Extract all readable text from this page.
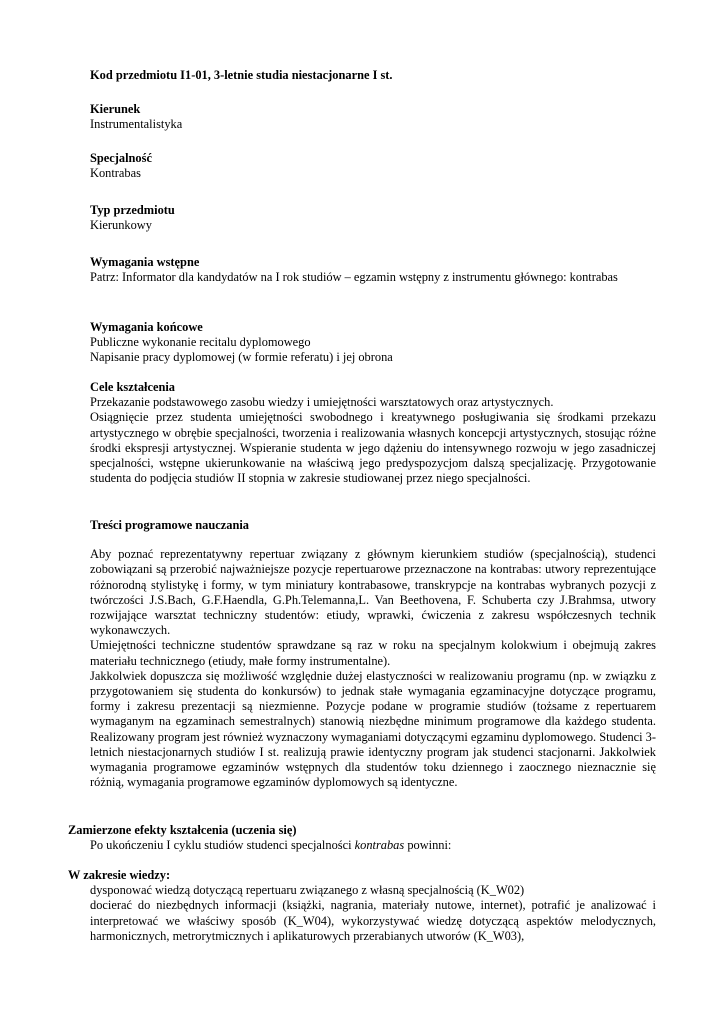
Kod przedmiotu I1-01, 3-letnie studia niestacjonarne I st.
Kierunek
Instrumentalistyka
Specjalność
Kontrabas
Typ przedmiotu
Kierunkowy
Wymagania wstępne
Patrz: Informator dla kandydatów na I rok studiów – egzamin wstępny z instrumentu głównego: kontrabas
Wymagania końcowe
Publiczne wykonanie recitalu dyplomowego
Napisanie pracy dyplomowej (w formie referatu) i jej obrona
Cele kształcenia
Przekazanie podstawowego zasobu wiedzy i umiejętności warsztatowych oraz artystycznych.
Osiągnięcie przez studenta umiejętności swobodnego i kreatywnego posługiwania się środkami przekazu artystycznego w obrębie specjalności, tworzenia i realizowania własnych koncepcji artystycznych, stosując różne środki ekspresji artystycznej. Wspieranie studenta w jego dążeniu do intensywnego rozwoju w jego zasadniczej specjalności, wstępne ukierunkowanie na właściwą jego predyspozycjom dalszą specjalizację. Przygotowanie studenta do podjęcia studiów II stopnia w zakresie studiowanej przez niego specjalności.
Treści programowe nauczania
Aby poznać reprezentatywny repertuar związany z głównym kierunkiem studiów (specjalnością), studenci zobowiązani są przerobić najważniejsze pozycje repertuarowe przeznaczone na kontrabas: utwory reprezentujące różnorodną stylistykę i formy, w tym miniatury kontrabasowe, transkrypcje na kontrabas wybranych pozycji z twórczości J.S.Bach, G.F.Haendla, G.Ph.Telemanna,L. Van Beethovena, F. Schuberta czy J.Brahmsa, utwory rozwijające warsztat techniczny studentów: etiudy, wprawki, ćwiczenia z zakresu współczesnych technik wykonawczych.
Umiejętności techniczne studentów sprawdzane są raz w roku na specjalnym kolokwium i obejmują zakres materiału technicznego (etiudy, małe formy instrumentalne).
Jakkolwiek dopuszcza się możliwość względnie dużej elastyczności w realizowaniu programu (np. w związku z przygotowaniem się studenta do konkursów) to jednak stałe wymagania egzaminacyjne dotyczące programu, formy i zakresu prezentacji są niezmienne. Pozycje podane w programie studiów (tożsame z repertuarem wymaganym na egzaminach semestralnych) stanowią niezbędne minimum programowe dla każdego studenta. Realizowany program jest również wyznaczony wymaganiami dotyczącymi egzaminu dyplomowego. Studenci 3-letnich niestacjonarnych studiów I st. realizują prawie identyczny program jak studenci stacjonarni. Jakkolwiek wymagania programowe egzaminów wstępnych dla studentów toku dziennego i zaocznego nieznacznie się różnią, wymagania programowe egzaminów dyplomowych są identyczne.
Zamierzone efekty kształcenia (uczenia się)
Po ukończeniu I cyklu studiów studenci specjalności kontrabas powinni:
W zakresie wiedzy:
dysponować wiedzą dotyczącą repertuaru związanego z własną specjalnością (K_W02)
docierać do niezbędnych informacji (książki, nagrania, materiały nutowe, internet), potrafić je analizować i interpretować we właściwy sposób (K_W04), wykorzystywać wiedzę dotyczącą aspektów melodycznych, harmonicznych, metrorytmicznych i aplikaturowych przerabianych utworów (K_W03),
